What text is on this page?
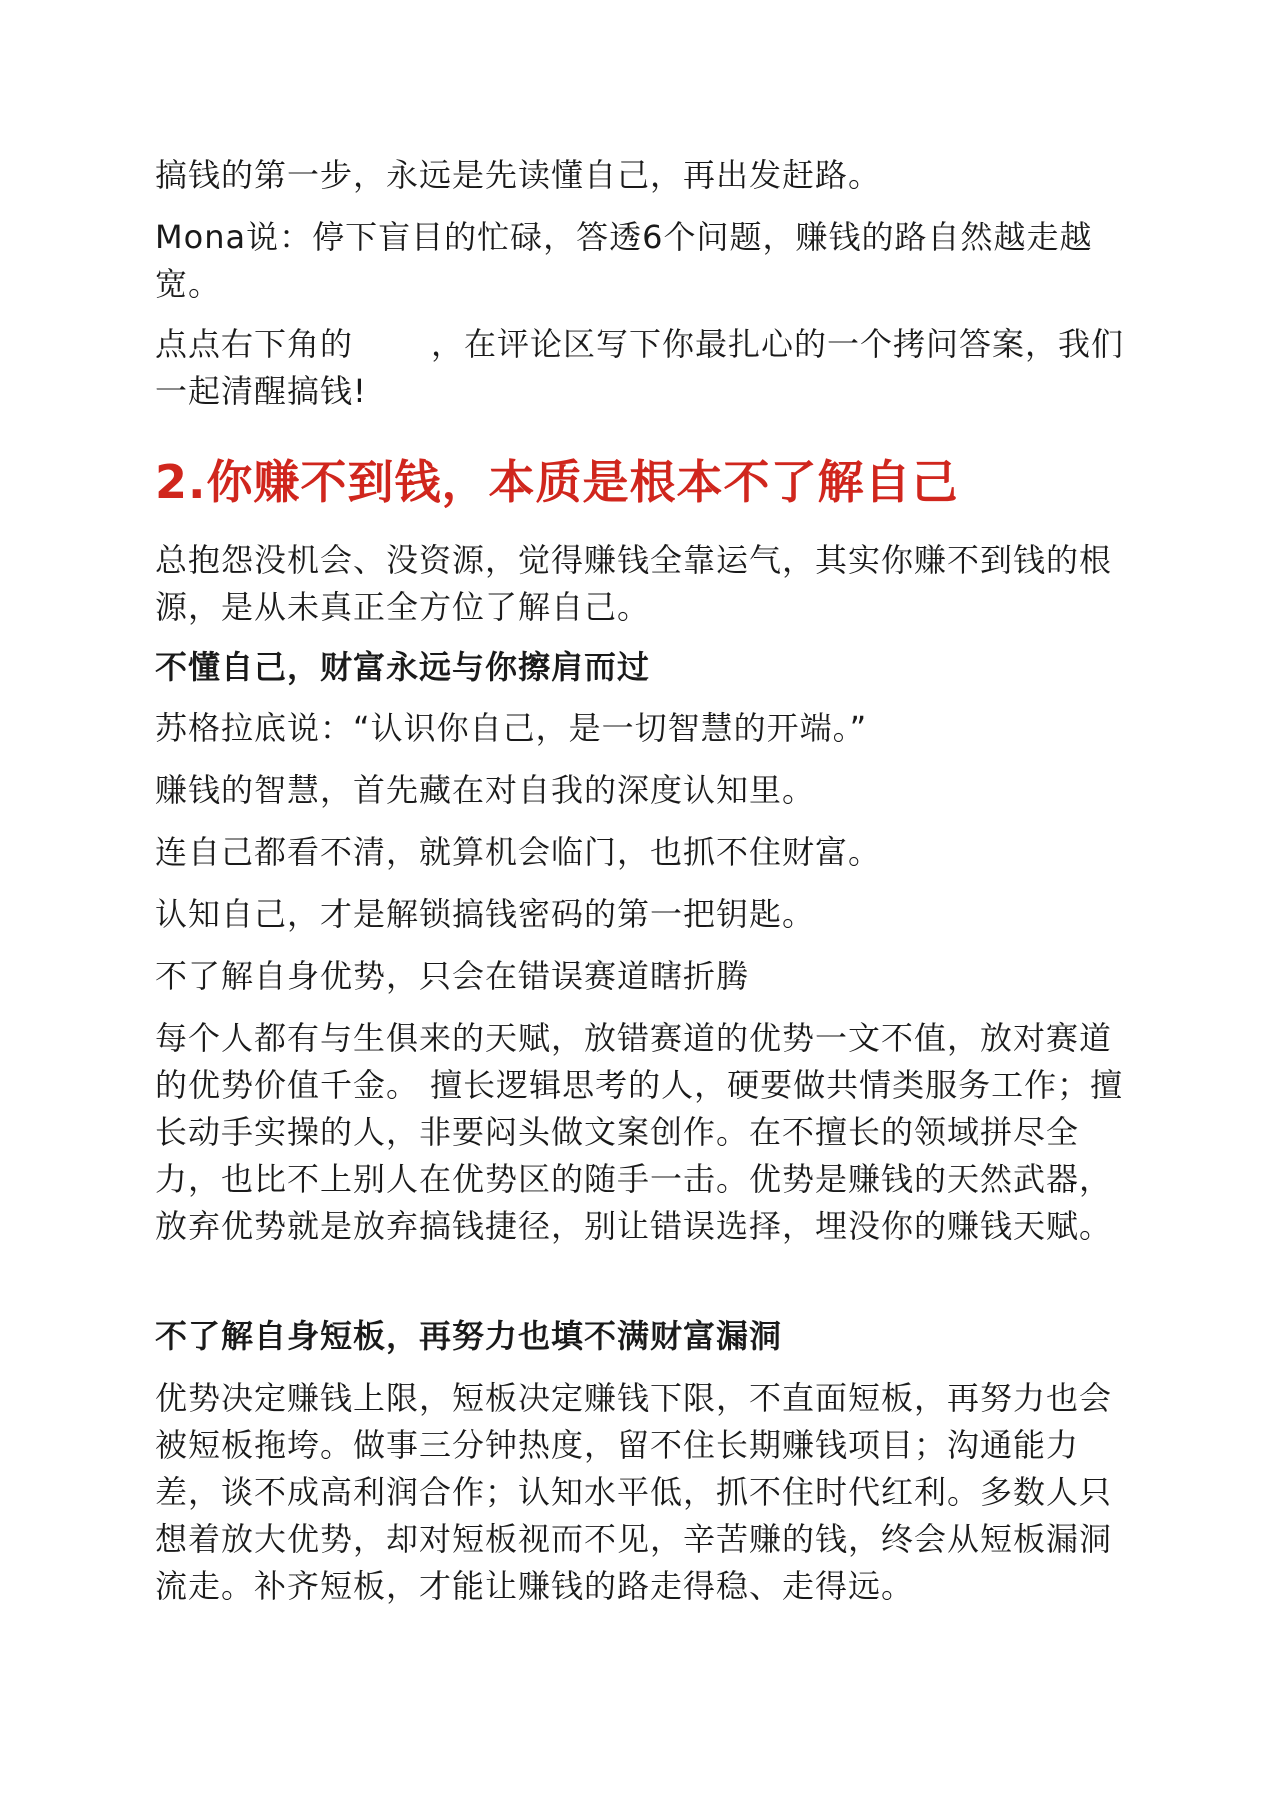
搞钱的第一步，永远是先读懂自己，再出发赶路。

Mona说：停下盲目的忙碌，答透6个问题，赚钱的路自然越走越 宽。

点点右下角的 ，在评论区写下你最扎心的一个拷问答案，我们一起清醒搞钱!

2.你赚不到钱，本质是根本不了解自己

总抱怨没机会、没资源，觉得赚钱全靠运气，其实你赚不到钱的根源，是从未真正全方位了解自己。

不懂自己，财富永远与你擦肩而过

苏格拉底说：“认识你自己，是一切智慧的开端。”

赚钱的智慧，首先藏在对自我的深度认知里。

连自己都看不清，就算机会临门，也抓不住财富。

认知自己，才是解锁搞钱密码的第一把钥匙。

不了解自身优势，只会在错误赛道瞎折腾

每个人都有与生俱来的天赋，放错赛道的优势一文不值，放对赛道的优势价值千金。 擅长逻辑思考的人，硬要做共情类服务工作；擅长动手实操的人，非要闷头做文案创作。在不擅长的领域拼尽全力，也比不上别人在优势区的随手一击。优势是赚钱的天然武器，放弃优势就是放弃搞钱捷径，别让错误选择，埋没你的赚钱天赋。

不了解自身短板，再努力也填不满财富漏洞

优势决定赚钱上限，短板决定赚钱下限，不直面短板，再努力也会被短板拖垮。做事三分钟热度，留不住长期赚钱项目；沟通能力差，谈不成高利润合作；认知水平低，抓不住时代红利。多数人只想着放大优势，却对短板视而不见，辛苦赚的钱，终会从短板漏洞流走。补齐短板，才能让赚钱的路走得稳、走得远。
